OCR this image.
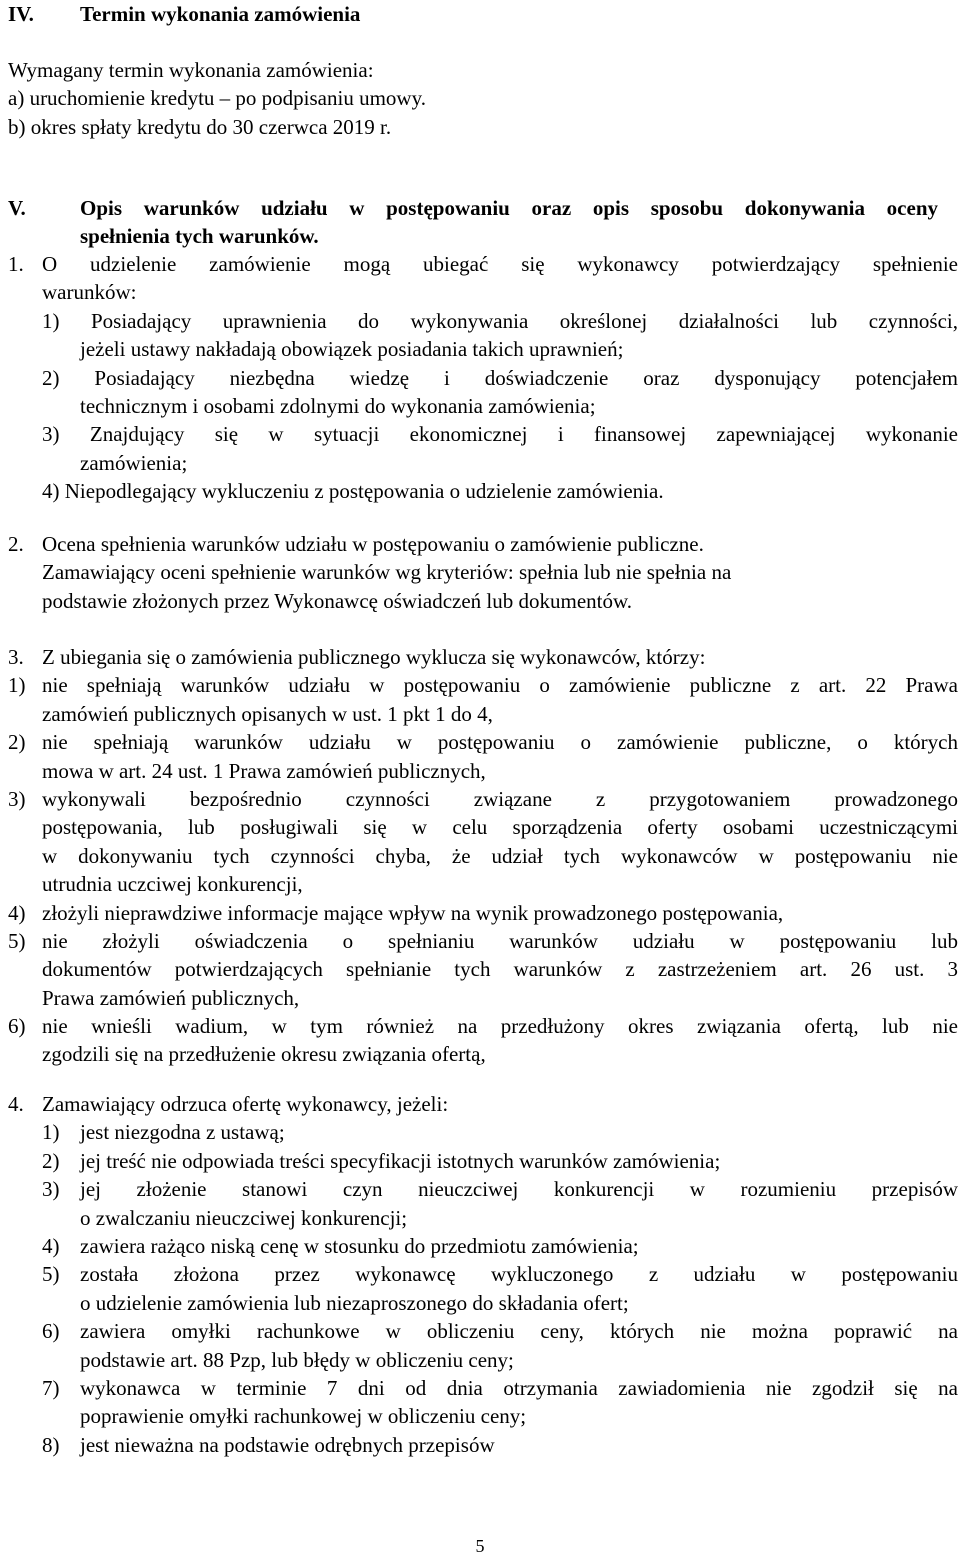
IV. Termin wykonania zamówienia
Wymagany termin wykonania zamówienia:
a) uruchomienie kredytu – po podpisaniu umowy.
b) okres spłaty kredytu do 30 czerwca 2019 r.
V.	Opis warunków udziału w postępowaniu oraz opis sposobu dokonywania oceny
spełnienia tych warunków.
1. O udzielenie zamówienie mogą ubiegać się wykonawcy potwierdzający spełnienie
warunków:
1) Posiadający uprawnienia do wykonywania określonej działalności lub czynności,
jeżeli ustawy nakładają obowiązek posiadania takich uprawnień;
2) Posiadający niezbędna wiedzę i doświadczenie oraz dysponujący potencjałem
technicznym i osobami zdolnymi do wykonania zamówienia;
3) Znajdujący się w sytuacji ekonomicznej i finansowej zapewniającej wykonanie
zamówienia;
4) Niepodlegający wykluczeniu z postępowania o udzielenie zamówienia.
2. Ocena spełnienia warunków udziału w postępowaniu o zamówienie publiczne.
Zamawiający oceni spełnienie warunków wg kryteriów: spełnia lub nie spełnia na
podstawie złożonych przez Wykonawcę oświadczeń lub dokumentów.
3. Z ubiegania się o zamówienia publicznego wyklucza się wykonawców, którzy:
1) nie spełniają warunków udziału w postępowaniu o zamówienie publiczne z art. 22 Prawa
zamówień publicznych opisanych w ust. 1 pkt 1 do 4,
2) nie spełniają warunków udziału w postępowaniu o zamówienie publiczne, o których
mowa w art. 24 ust. 1 Prawa zamówień publicznych,
3) wykonywali bezpośrednio czynności związane z przygotowaniem prowadzonego
postępowania, lub posługiwali się w celu sporządzenia oferty osobami uczestniczącymi
w dokonywaniu tych czynności chyba, że udział tych wykonawców w postępowaniu nie
utrudnia uczciwej konkurencji,
4) złożyli nieprawdziwe informacje mające wpływ na wynik prowadzonego postępowania,
5) nie złożyli oświadczenia o spełnianiu warunków udziału w postępowaniu lub
dokumentów potwierdzających spełnianie tych warunków z zastrzeżeniem art. 26 ust. 3
Prawa zamówień publicznych,
6) nie wnieśli wadium, w tym również na przedłużony okres związania ofertą, lub nie
zgodzili się na przedłużenie okresu związania ofertą,
4. Zamawiający odrzuca ofertę wykonawcy, jeżeli:
1) jest niezgodna z ustawą;
2) jej treść nie odpowiada treści specyfikacji istotnych warunków zamówienia;
3) jej złożenie stanowi czyn nieuczciwej konkurencji w rozumieniu przepisów
o zwalczaniu nieuczciwej konkurencji;
4) zawiera rażąco niską cenę w stosunku do przedmiotu zamówienia;
5) została złożona przez wykonawcę wykluczonego z udziału w postępowaniu
o udzielenie zamówienia lub niezaproszonego do składania ofert;
6) zawiera omyłki rachunkowe w obliczeniu ceny, których nie można poprawić na
podstawie art. 88 Pzp, lub błędy w obliczeniu ceny;
7) wykonawca w terminie 7 dni od dnia otrzymania zawiadomienia nie zgodził się na
poprawienie omyłki rachunkowej w obliczeniu ceny;
8) jest nieważna na podstawie odrębnych przepisów
5
